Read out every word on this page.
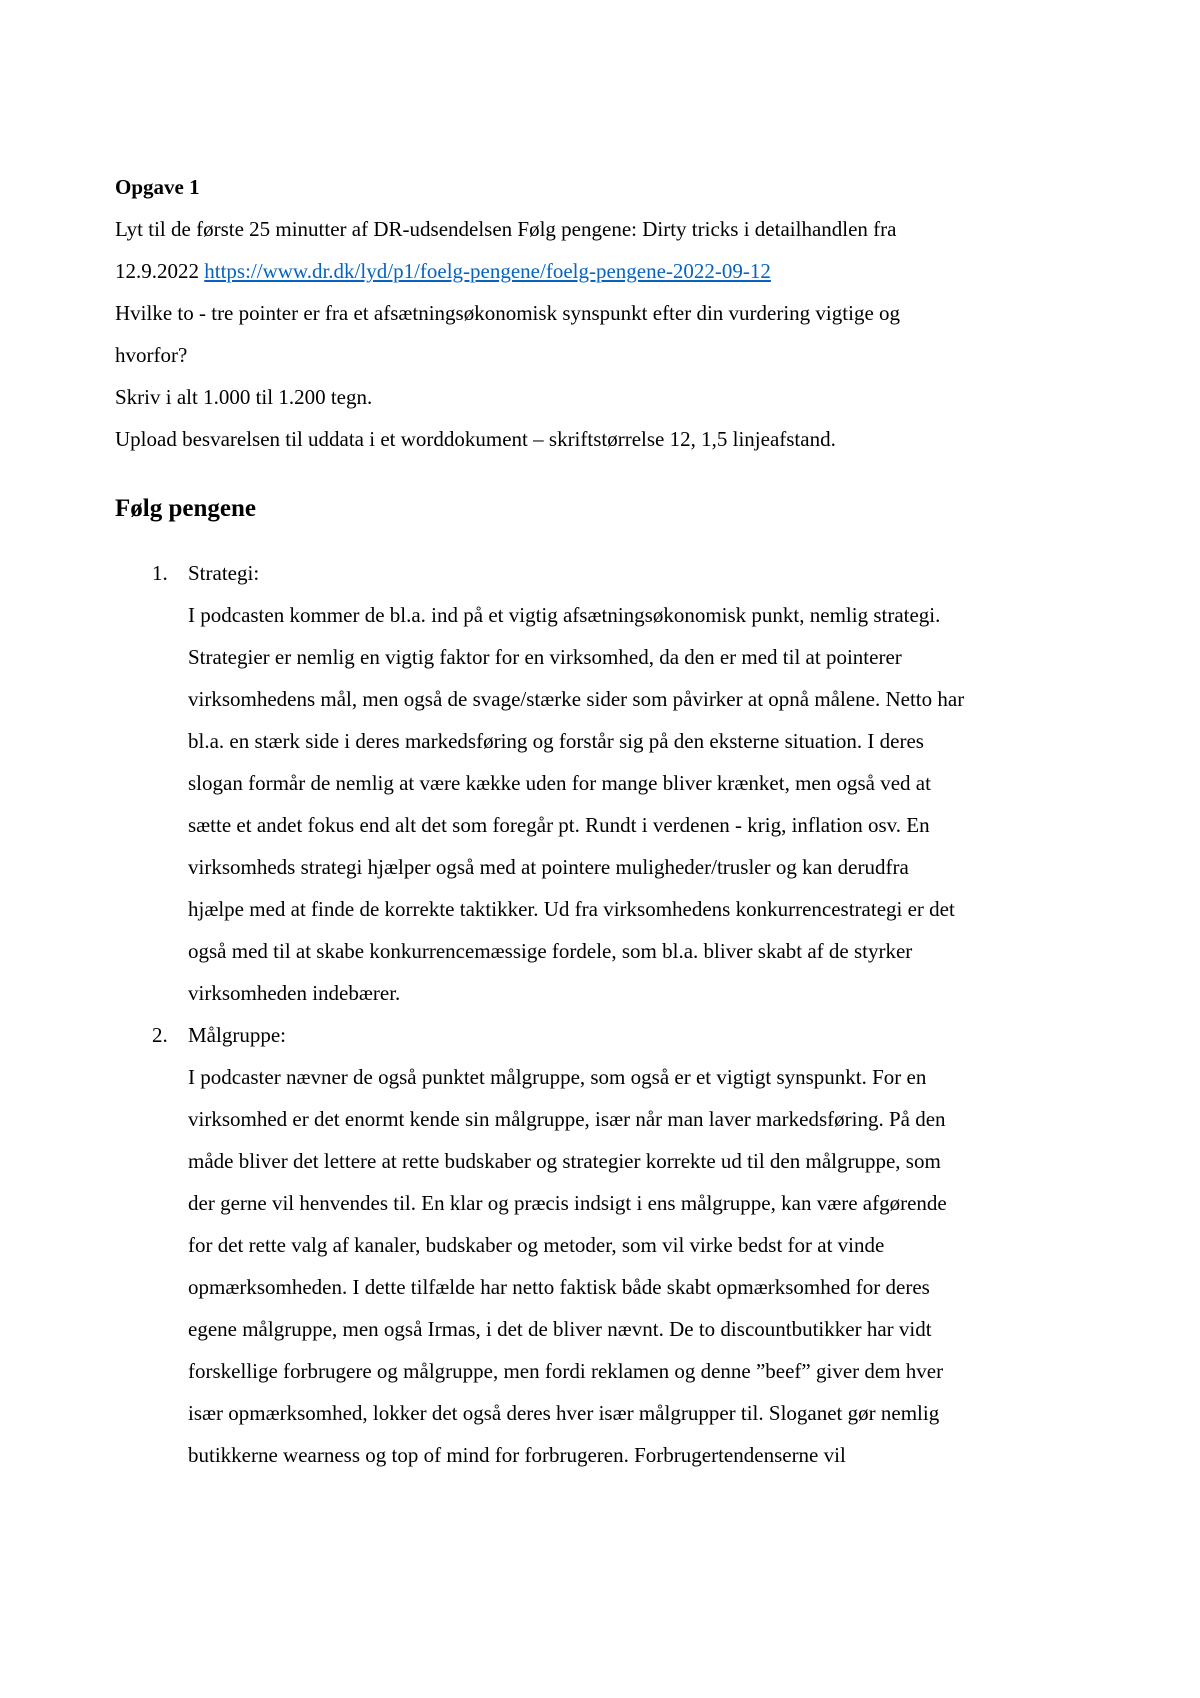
Opgave 1
Lyt til de første 25 minutter af DR-udsendelsen Følg pengene: Dirty tricks i detailhandlen fra
12.9.2022 https://www.dr.dk/lyd/p1/foelg-pengene/foelg-pengene-2022-09-12
Hvilke to - tre pointer er fra et afsætningsøkonomisk synspunkt efter din vurdering vigtige og
hvorfor?
Skriv i alt 1.000 til 1.200 tegn.
Upload besvarelsen til uddata i et worddokument – skriftstørrelse 12, 1,5 linjeafstand.
Følg pengene
1. Strategi:
I podcasten kommer de bl.a. ind på et vigtig afsætningsøkonomisk punkt, nemlig strategi.
Strategier er nemlig en vigtig faktor for en virksomhed, da den er med til at pointerer
virksomhedens mål, men også de svage/stærke sider som påvirker at opnå målene. Netto har
bl.a. en stærk side i deres markedsføring og forstår sig på den eksterne situation. I deres
slogan formår de nemlig at være kække uden for mange bliver krænket, men også ved at
sætte et andet fokus end alt det som foregår pt. Rundt i verdenen - krig, inflation osv. En
virksomheds strategi hjælper også med at pointere muligheder/trusler og kan derudfra
hjælpe med at finde de korrekte taktikker. Ud fra virksomhedens konkurrencestrategi er det
også med til at skabe konkurrencemæssige fordele, som bl.a. bliver skabt af de styrker
virksomheden indebærer.
2. Målgruppe:
I podcaster nævner de også punktet målgruppe, som også er et vigtigt synspunkt. For en
virksomhed er det enormt kende sin målgruppe, især når man laver markedsføring. På den
måde bliver det lettere at rette budskaber og strategier korrekte ud til den målgruppe, som
der gerne vil henvendes til. En klar og præcis indsigt i ens målgruppe, kan være afgørende
for det rette valg af kanaler, budskaber og metoder, som vil virke bedst for at vinde
opmærksomheden. I dette tilfælde har netto faktisk både skabt opmærksomhed for deres
egene målgruppe, men også Irmas, i det de bliver nævnt. De to discountbutikker har vidt
forskellige forbrugere og målgruppe, men fordi reklamen og denne ”beef” giver dem hver
især opmærksomhed, lokker det også deres hver især målgrupper til. Sloganet gør nemlig
butikkerne wearness og top of mind for forbrugeren. Forbrugertendenserne vil
